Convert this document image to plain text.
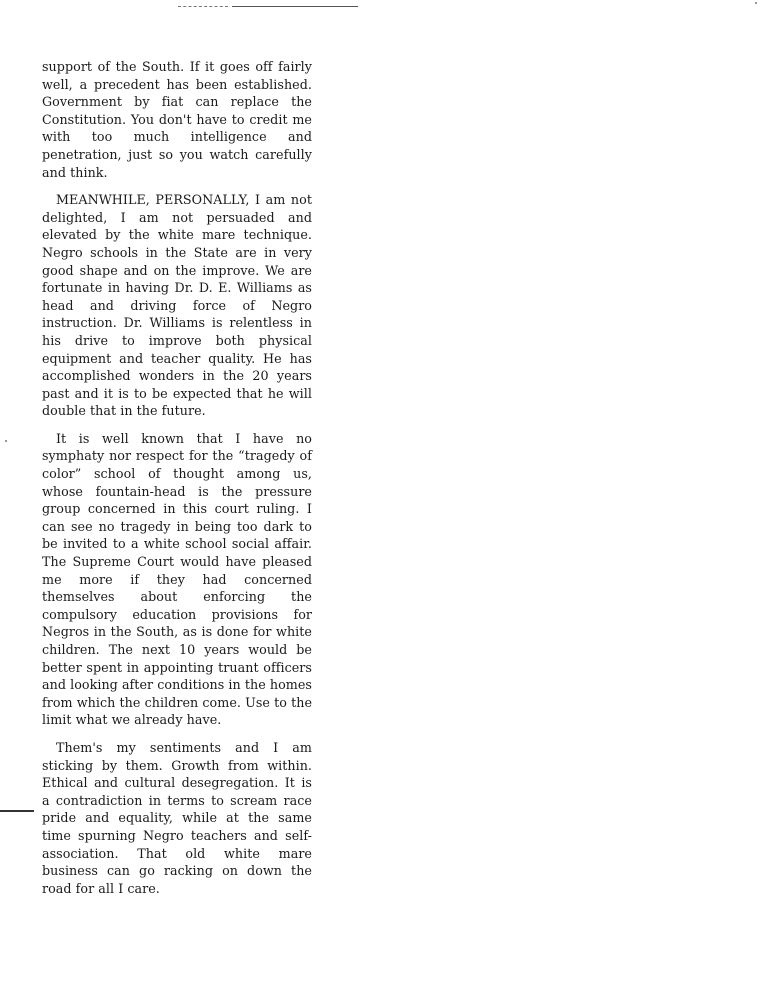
support of the South. If it goes off fairly well, a precedent has been established. Government by fiat can replace the Constitution. You don't have to credit me with too much intelligence and penetration, just so you watch carefully and think.

MEANWHILE, PERSONALLY, I am not delighted, I am not persuaded and elevated by the white mare technique. Negro schools in the State are in very good shape and on the improve. We are fortunate in having Dr. D. E. Williams as head and driving force of Negro instruction. Dr. Williams is relentless in his drive to improve both physical equipment and teacher quality. He has accomplished wonders in the 20 years past and it is to be expected that he will double that in the future.

It is well known that I have no symphaty nor respect for the “tragedy of color” school of thought among us, whose fountain-head is the pressure group concerned in this court ruling. I can see no tragedy in being too dark to be invited to a white school social affair. The Supreme Court would have pleased me more if they had concerned themselves about enforcing the compulsory education provisions for Negros in the South, as is done for white children. The next 10 years would be better spent in appointing truant officers and looking after conditions in the homes from which the children come. Use to the limit what we already have.

Them's my sentiments and I am sticking by them. Growth from within. Ethical and cultural desegregation. It is a contradiction in terms to scream race pride and equality, while at the same time spurning Negro teachers and self-association. That old white mare business can go racking on down the road for all I care.
